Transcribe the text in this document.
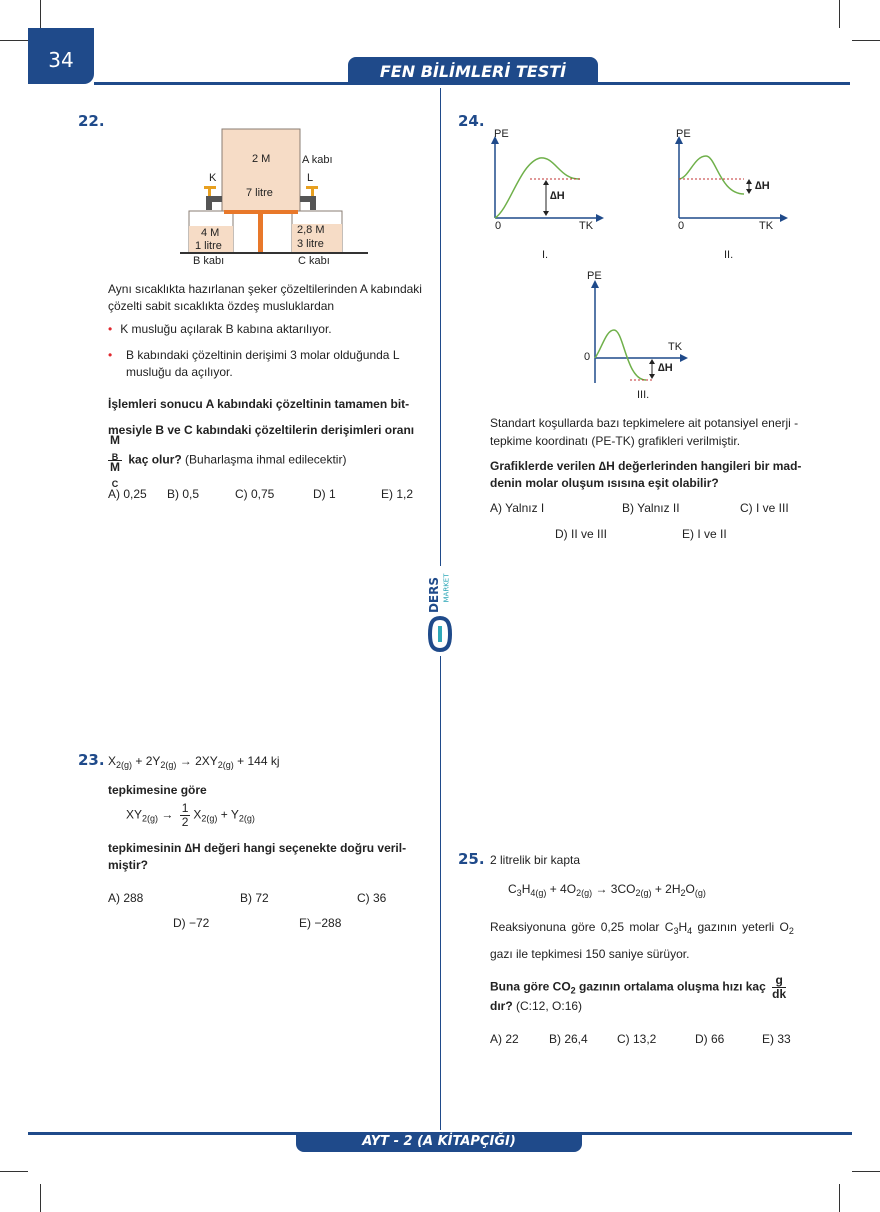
34	FEN BİLİMLERİ TESTİ
DERS MARKET
22.
2 M	A kabı
K	L
7 litre
4 M
1 litre
2,8 M
3 litre
B kabı	C kabı
Aynı sıcaklıkta hazırlanan şeker çözeltilerinden A kabındaki çözelti sabit sıcaklıkta özdeş musluklardan
• K musluğu açılarak B kabına aktarılıyor.
• B kabındaki çözeltinin derişimi 3 molar olduğunda L musluğu da açılıyor.
İşlemleri sonucu A kabındaki çözeltinin tamamen bit-
mesiyle B ve C kabındaki çözeltilerin derişimleri oranı
M
$_B$
M
$_C$ kaç olur? (Buharlaşma ihmal edilecektir)
A) 0,25 B) 0,5	C) 0,75	D) 1	E) 1,2
23. $X_{2(g)} + 2Y_{2(g)} \to 2XY_{2(g)} + 144$ kj
tepkimesine göre
$XY_{2(g)} \to \frac{1}{2} X_{2(g)} + Y_{2(g)}$
tepkimesinin ∆H değeri hangi seçenekte doğru veril-
miştir?
A) 288	B) 72	C) 36
D) −72	E) −288
24.
PE
0	TK
∆H
I.
PE
0	TK
∆H
II.
PE
0
TK
∆H
III.
Standart koşullarda bazı tepkimelere ait potansiyel enerji -
tepkime koordinatı (PE-TK) grafikleri verilmiştir.
Grafiklerde verilen ∆H değerlerinden hangileri bir mad-
denin molar oluşum ısısına eşit olabilir?
A) Yalnız I	B) Yalnız II	C) I ve III
D) II ve III	E) I ve II
25. 2 litrelik bir kapta
$C_3H_{4(g)} + 4O_{2(g)} \to 3CO_{2(g)} + 2H_2O_{(g)}$
Reaksiyonuna göre 0,25 molar $C_3H_4$ gazının yeterli $O_2$
gazı ile tepkimesi 150 saniye sürüyor.
Buna göre $CO_2$ gazının ortalama oluşma hızı kaç $\frac{g}{dk}$
dır? (C:12, O:16)
A) 22	B) 26,4 C) 13,2	D) 66	E) 33
AYT - 2 (A KİTAPÇIĞI)
